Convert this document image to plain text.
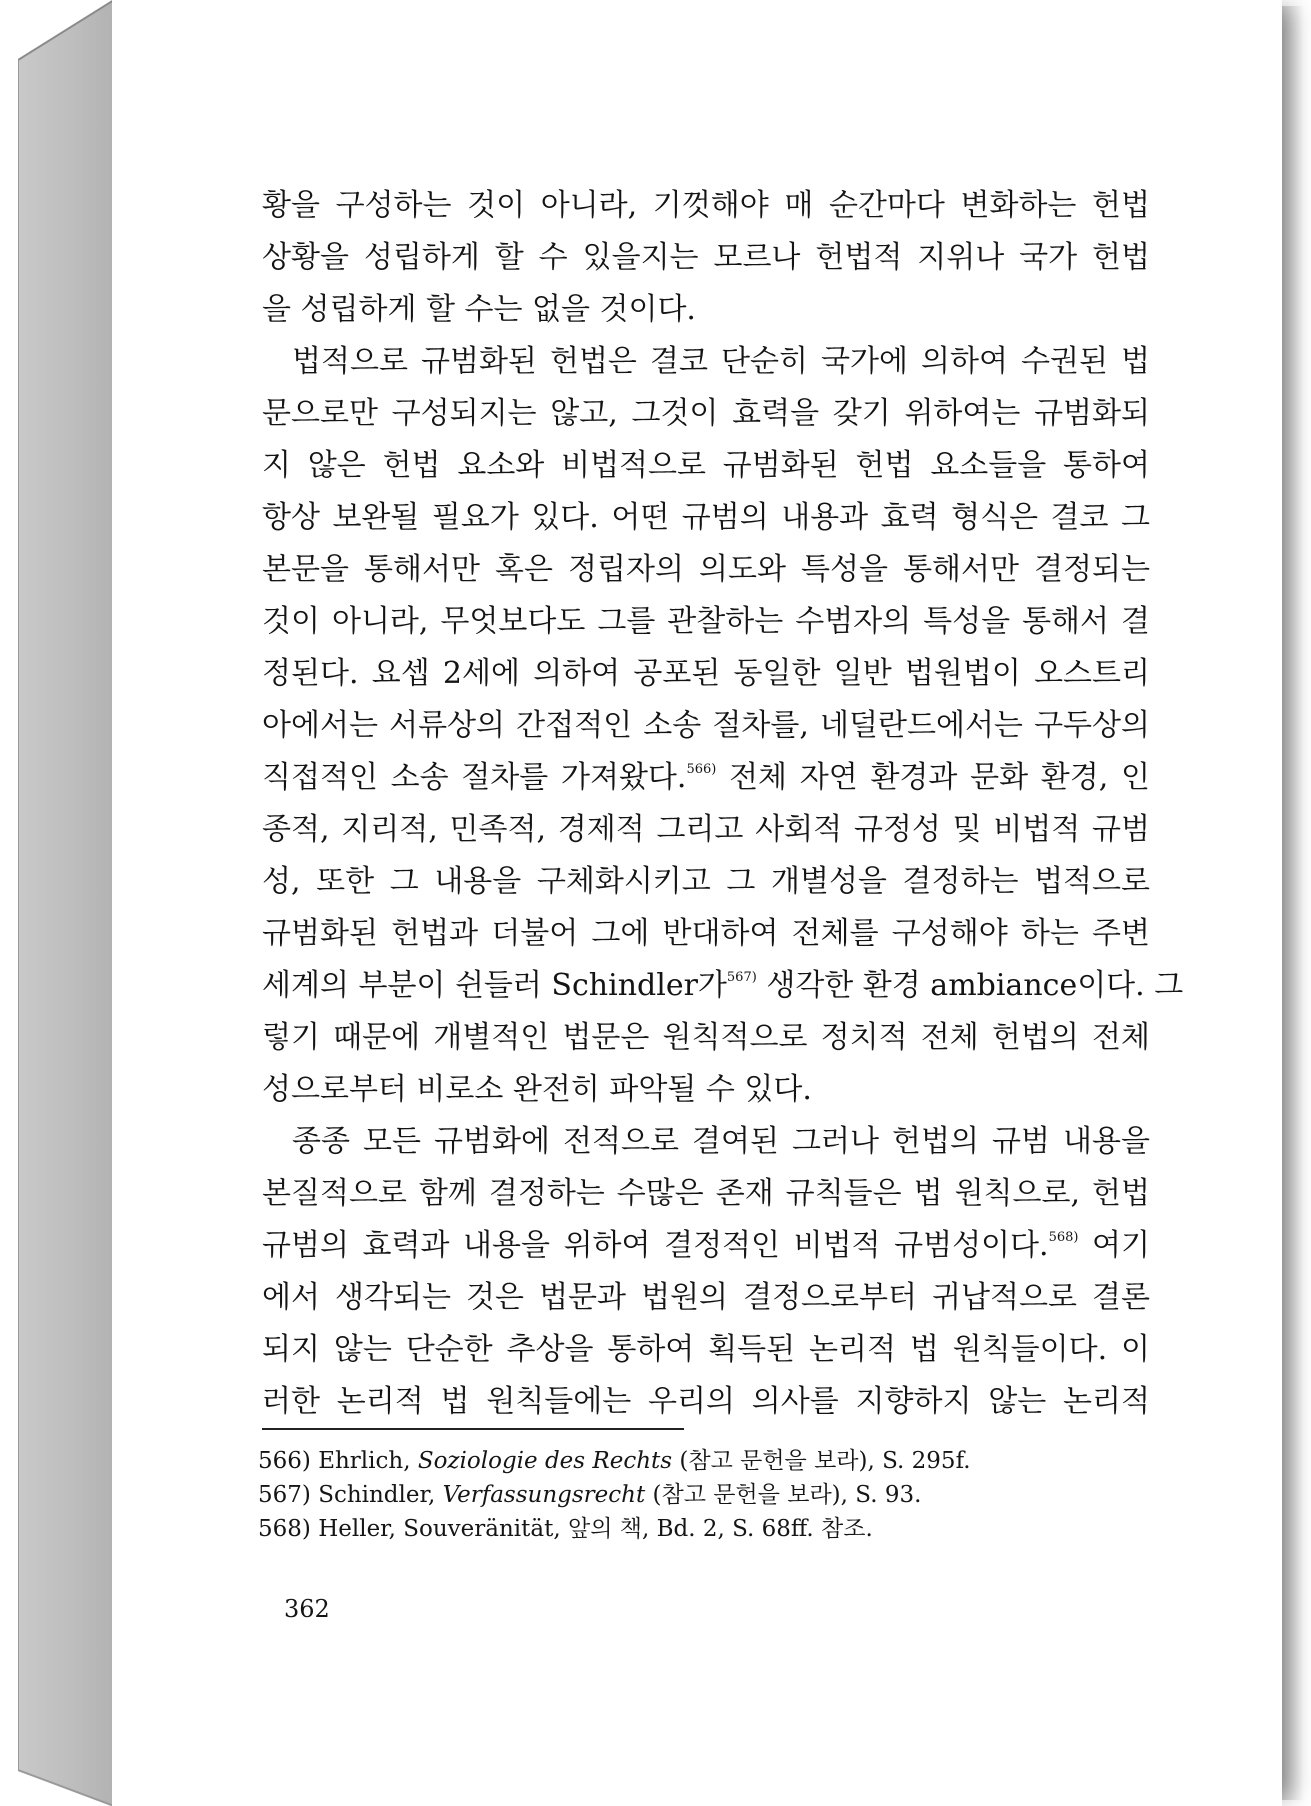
황을 구성하는 것이 아니라, 기껏해야 매 순간마다 변화하는 헌법
상황을 성립하게 할 수 있을지는 모르나 헌법적 지위나 국가 헌법
을 성립하게 할 수는 없을 것이다.
법적으로 규범화된 헌법은 결코 단순히 국가에 의하여 수권된 법
문으로만 구성되지는 않고, 그것이 효력을 갖기 위하여는 규범화되
지 않은 헌법 요소와 비법적으로 규범화된 헌법 요소들을 통하여
항상 보완될 필요가 있다. 어떤 규범의 내용과 효력 형식은 결코 그
본문을 통해서만 혹은 정립자의 의도와 특성을 통해서만 결정되는
것이 아니라, 무엇보다도 그를 관찰하는 수범자의 특성을 통해서 결
정된다. 요셉 2세에 의하여 공포된 동일한 일반 법원법이 오스트리
아에서는 서류상의 간접적인 소송 절차를, 네덜란드에서는 구두상의
직접적인 소송 절차를 가져왔다.$^{566)}$ 전체 자연 환경과 문화 환경, 인
종적, 지리적, 민족적, 경제적 그리고 사회적 규정성 및 비법적 규범
성, 또한 그 내용을 구체화시키고 그 개별성을 결정하는 법적으로
규범화된 헌법과 더불어 그에 반대하여 전체를 구성해야 하는 주변
세계의 부분이 쉰들러 Schindler가$^{567)}$ 생각한 환경 ambiance이다. 그
렇기 때문에 개별적인 법문은 원칙적으로 정치적 전체 헌법의 전체
성으로부터 비로소 완전히 파악될 수 있다.
종종 모든 규범화에 전적으로 결여된 그러나 헌법의 규범 내용을
본질적으로 함께 결정하는 수많은 존재 규칙들은 법 원칙으로, 헌법
규범의 효력과 내용을 위하여 결정적인 비법적 규범성이다.$^{568)}$ 여기
에서 생각되는 것은 법문과 법원의 결정으로부터 귀납적으로 결론
되지 않는 단순한 추상을 통하여 획득된 논리적 법 원칙들이다. 이
러한 논리적 법 원칙들에는 우리의 의사를 지향하지 않는 논리적
566) Ehrlich, Soziologie des Rechts (참고 문헌을 보라), S. 295f.
567) Schindler, Verfassungsrecht (참고 문헌을 보라), S. 93.
568) Heller, Souveränität, 앞의 책, Bd. 2, S. 68ff. 참조.
362
